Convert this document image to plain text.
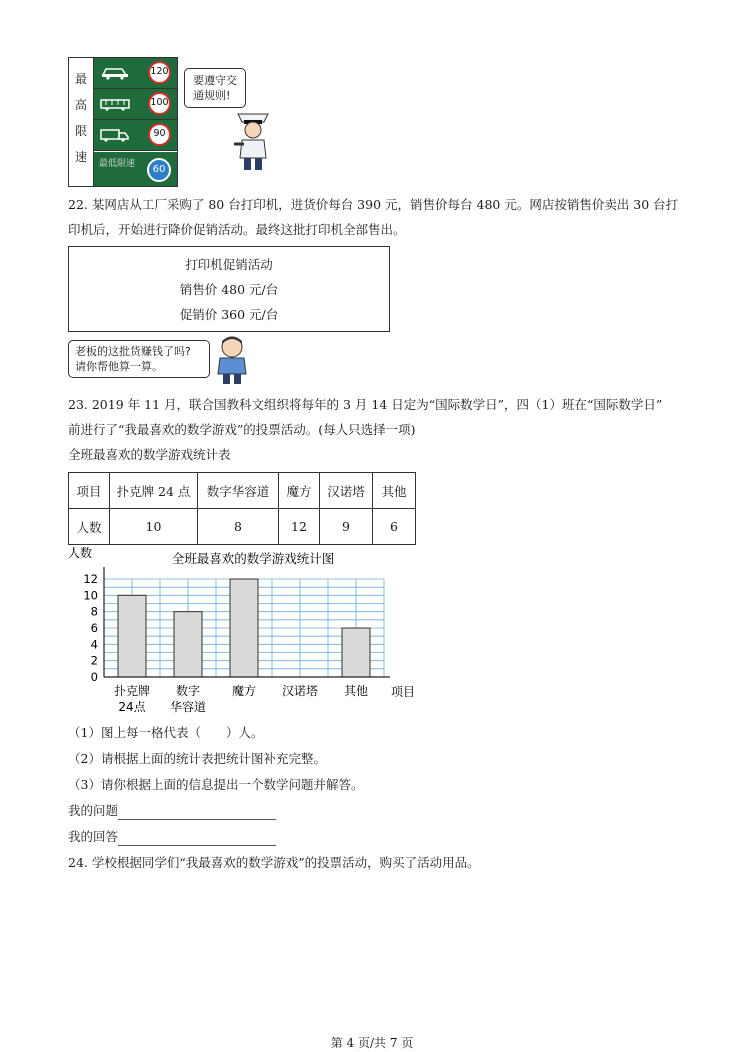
最
高
限
速
120
100
90
最低限速	60
要遵守交
通规则!
22. 某网店从工厂采购了 80 台打印机，进货价每台 390 元，销售价每台 480 元。网店按销售价卖出 30 台打
印机后，开始进行降价促销活动。最终这批打印机全部售出。
打印机促销活动
销售价 480 元/台
促销价 360 元/台
老板的这批货赚钱了吗?
请你帮他算一算。
23. 2019 年 11 月，联合国教科文组织将每年的 3 月 14 日定为“国际数学日”，四（1）班在“国际数学日”
前进行了“我最喜欢的数学游戏”的投票活动。(每人只选择一项)
全班最喜欢的数学游戏统计表
项目	扑克牌 24 点	数字华容道	魔方	汉诺塔	其他
人数	10	8	12	9	6
全班最喜欢的数学游戏统计图
人数
项目
0
2
4
6
8
10
12
扑克牌 24点
数字华容道
魔方 汉诺塔 其他
（1）图上每一格代表（　　）人。
（2）请根据上面的统计表把统计图补充完整。
（3）请你根据上面的信息提出一个数学问题并解答。
我的问题
我的回答
24. 学校根据同学们“我最喜欢的数学游戏”的投票活动，购买了活动用品。
第 4 页/共 7 页
